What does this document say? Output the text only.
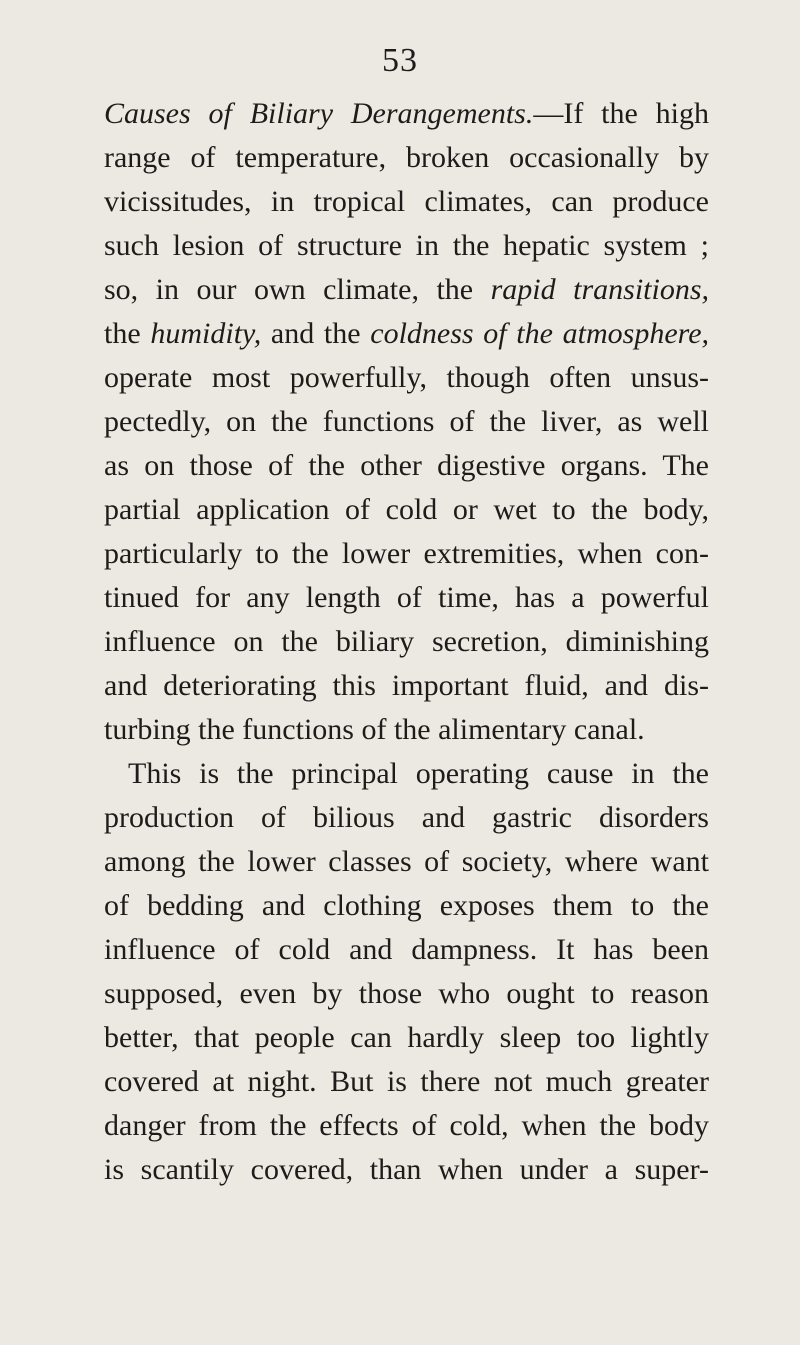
53
Causes of Biliary Derangements.—If the high
range of temperature, broken occasionally by
vicissitudes, in tropical climates, can produce
such lesion of structure in the hepatic system ;
so, in our own climate, the rapid transitions,
the humidity, and the coldness of the atmosphere,
operate most powerfully, though often unsus-
pectedly, on the functions of the liver, as well
as on those of the other digestive organs. The
partial application of cold or wet to the body,
particularly to the lower extremities, when con-
tinued for any length of time, has a powerful
influence on the biliary secretion, diminishing
and deteriorating this important fluid, and dis-
turbing the functions of the alimentary canal.
This is the principal operating cause in the
production of bilious and gastric disorders
among the lower classes of society, where want
of bedding and clothing exposes them to the
influence of cold and dampness. It has been
supposed, even by those who ought to reason
better, that people can hardly sleep too lightly
covered at night. But is there not much greater
danger from the effects of cold, when the body
is scantily covered, than when under a super-
